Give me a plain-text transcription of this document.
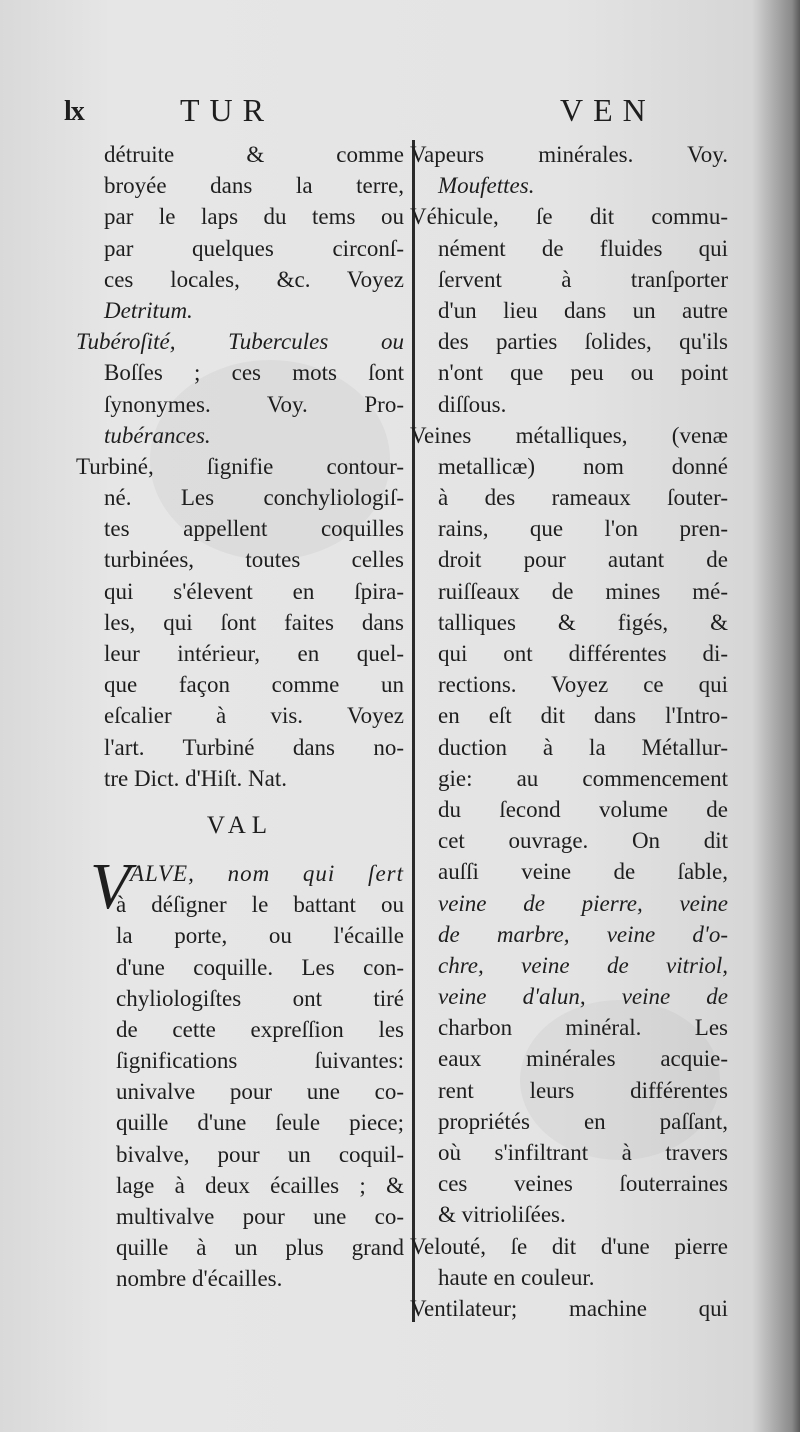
lx	TUR	VEN
détruite & comme
broyée dans la terre,
par le laps du tems ou
par quelques circonſ-
ces locales, &c. Voyez
Detritum.
Tubéroſité, Tubercules ou
Boſſes ; ces mots ſont
ſynonymes. Voy. Pro-
tubérances.
Turbiné, ſignifie contour-
né. Les conchyliologiſ-
tes appellent coquilles
turbinées, toutes celles
qui s'élevent en ſpira-
les, qui ſont faites dans
leur intérieur, en quel-
que façon comme un
eſcalier à vis. Voyez
l'art. Turbiné dans no-
tre Dict. d'Hiſt. Nat.
VAL
V ALVE, nom qui ſert
à déſigner le battant ou
la porte, ou l'écaille
d'une coquille. Les con-
chyliologiſtes ont tiré
de cette expreſſion les
ſignifications ſuivantes:
univalve pour une co-
quille d'une ſeule piece;
bivalve, pour un coquil-
lage à deux écailles ; &
multivalve pour une co-
quille à un plus grand
nombre d'écailles.
Vapeurs minérales. Voy.
Moufettes.
Véhicule, ſe dit commu-
nément de fluides qui
ſervent à tranſporter
d'un lieu dans un autre
des parties ſolides, qu'ils
n'ont que peu ou point
diſſous.
Veines métalliques, (venæ
metallicæ) nom donné
à des rameaux ſouter-
rains, que l'on pren-
droit pour autant de
ruiſſeaux de mines mé-
talliques & figés, &
qui ont différentes di-
rections. Voyez ce qui
en eſt dit dans l'Intro-
duction à la Métallur-
gie: au commencement
du ſecond volume de
cet ouvrage. On dit
auſſi veine de ſable,
veine de pierre, veine
de marbre, veine d'o-
chre, veine de vitriol,
veine d'alun, veine de
charbon minéral. Les
eaux minérales acquie-
rent leurs différentes
propriétés en paſſant,
où s'infiltrant à travers
ces veines ſouterraines
& vitrioliſées.
Velouté, ſe dit d'une pierre
haute en couleur.
Ventilateur; machine qui
